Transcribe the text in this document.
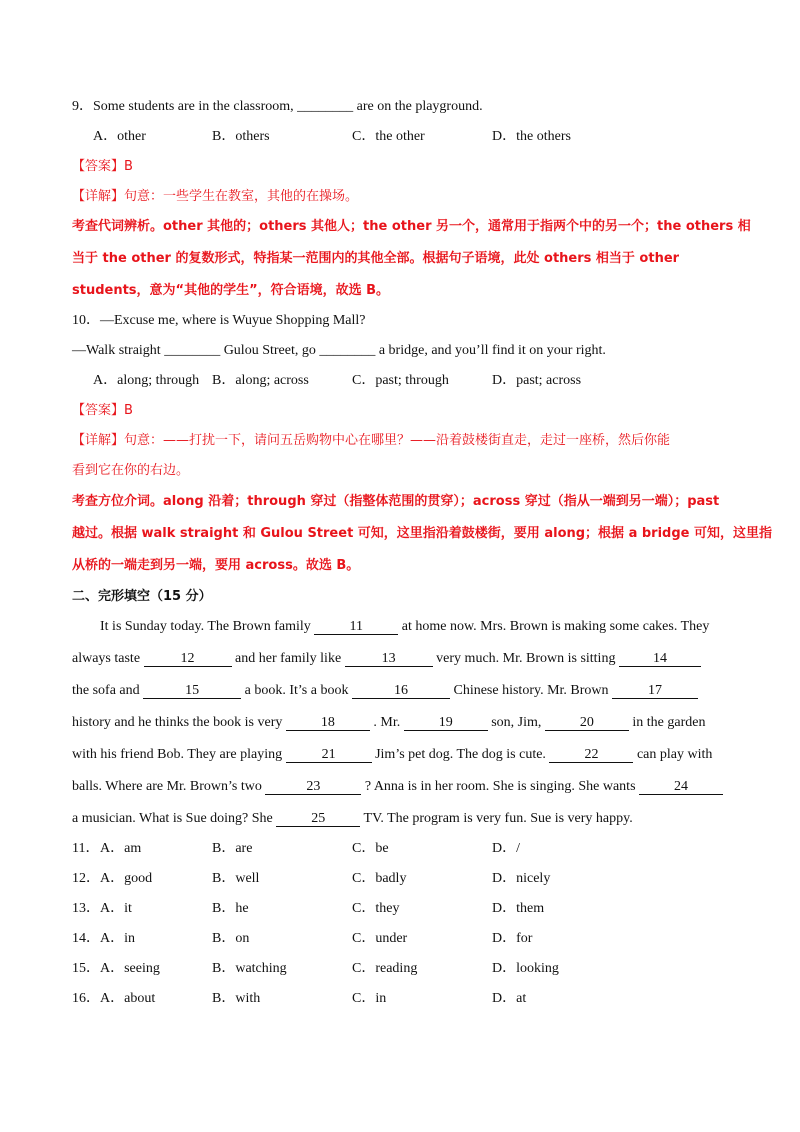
9．Some students are in the classroom, ________ are on the playground.
A．other	B．others	C．the other	D．the others
【答案】B
【详解】句意：一些学生在教室，其他的在操场。
考查代词辨析。other 其他的；others 其他人；the other 另一个，通常用于指两个中的另一个；the others 相
当于 the other 的复数形式，特指某一范围内的其他全部。根据句子语境，此处 others 相当于 other
students，意为“其他的学生”，符合语境，故选 B。
10．—Excuse me, where is Wuyue Shopping Mall?
—Walk straight ________ Gulou Street, go ________ a bridge, and you’ll find it on your right.
A．along; through B．along; across	C．past; through	D．past; across
【答案】B
【详解】句意：——打扰一下，请问五岳购物中心在哪里？——沿着鼓楼街直走，走过一座桥，然后你能
看到它在你的右边。
考查方位介词。along 沿着；through 穿过（指整体范围的贯穿）；across 穿过（指从一端到另一端）；past
越过。根据 walk straight 和 Gulou Street 可知，这里指沿着鼓楼街，要用 along；根据 a bridge 可知，这里指
从桥的一端走到另一端，要用 across。故选 B。
二、完形填空（15 分）
It is Sunday today. The Brown family	11	at home now. Mrs. Brown is making some cakes. They
always taste	12	and her family like	13	very much. Mr. Brown is sitting 14
the sofa and	15	a book. It’s a book	16	Chinese history. Mr. Brown	17
history and he thinks the book is very	18	. Mr.	19	son, Jim,	20	in the garden
with his friend Bob. They are playing	21	Jim’s pet dog. The dog is cute.	22	can play with
balls. Where are Mr. Brown’s two	23	? Anna is in her room. She is singing. She wants	24
a musician. What is Sue doing? She	25	TV. The program is very fun. Sue is very happy.
11． A．am	B．are	C．be	D．/
12． A．good	B．well	C．badly	D．nicely
13． A．it	B．he	C．they	D．them
14． A．in	B．on	C．under	D．for
15． A．seeing	B．watching	C．reading	D．looking
16． A．about	B．with	C．in	D．at
